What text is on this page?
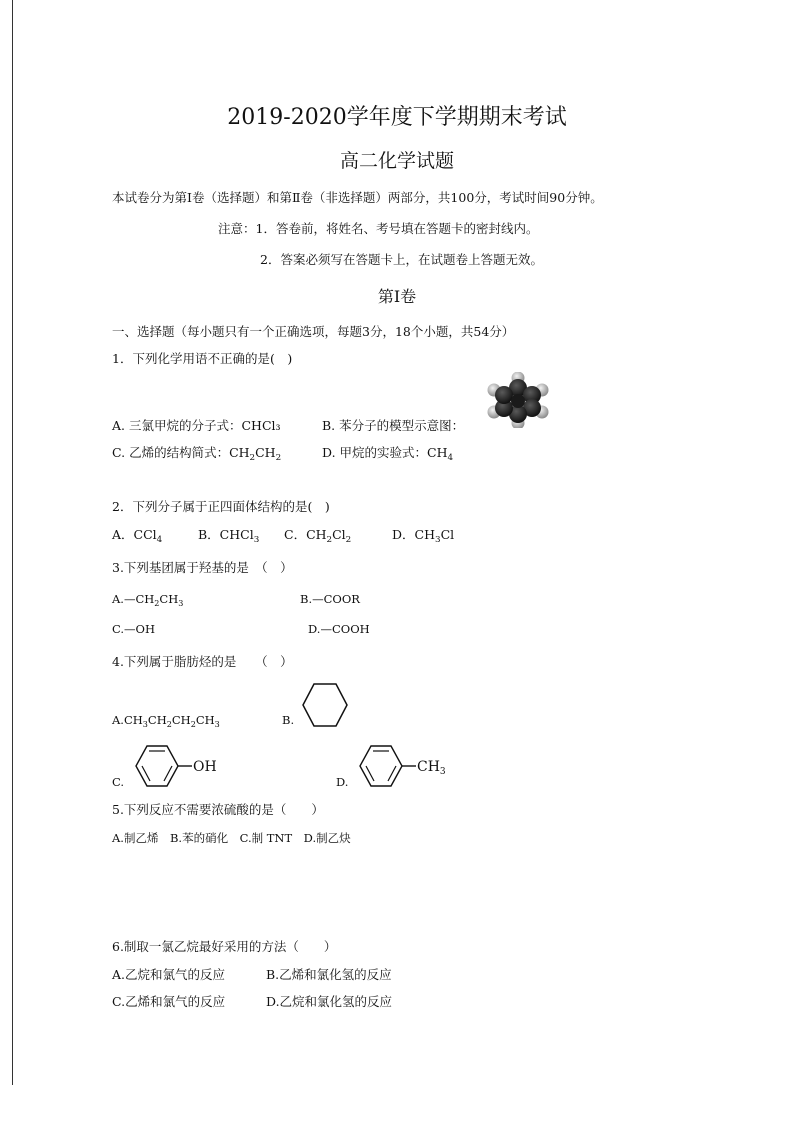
2019-2020学年度下学期期末考试
高二化学试题
本试卷分为第Ⅰ卷（选择题）和第Ⅱ卷（非选择题）两部分，共100分，考试时间90分钟。
注意：1．答卷前，将姓名、考号填在答题卡的密封线内。
2．答案必须写在答题卡上，在试题卷上答题无效。
第Ⅰ卷
一、选择题（每小题只有一个正确选项，每题3分，18个小题，共54分）
1．下列化学用语不正确的是(　)
A. 三氯甲烷的分子式：CHCl₃	B. 苯分子的模型示意图：
C. 乙烯的结构简式：$CH_2CH_2$	D. 甲烷的实验式：$CH_4$
2．下列分子属于正四面体结构的是(　)
A．CCl$_4$	B．CHCl$_3$ C．$CH_2Cl_2$	D．$CH_3Cl$
3.下列基团属于羟基的是　（　）
$A.—CH_2CH_3$	B.—COOR
C.—OH	D.—COOH
4.下列属于脂肪烃的是　　（　）
$A.CH_3CH_2CH_2CH_3$	B.
C.
OH
D.
$CH_3$
5.下列反应不需要浓硫酸的是（　　）
A.制乙烯　B.苯的硝化　C.制 TNT　D.制乙炔
6.制取一氯乙烷最好采用的方法（　　）
A.乙烷和氯气的反应	B.乙烯和氯化氢的反应
C.乙烯和氯气的反应	D.乙烷和氯化氢的反应
